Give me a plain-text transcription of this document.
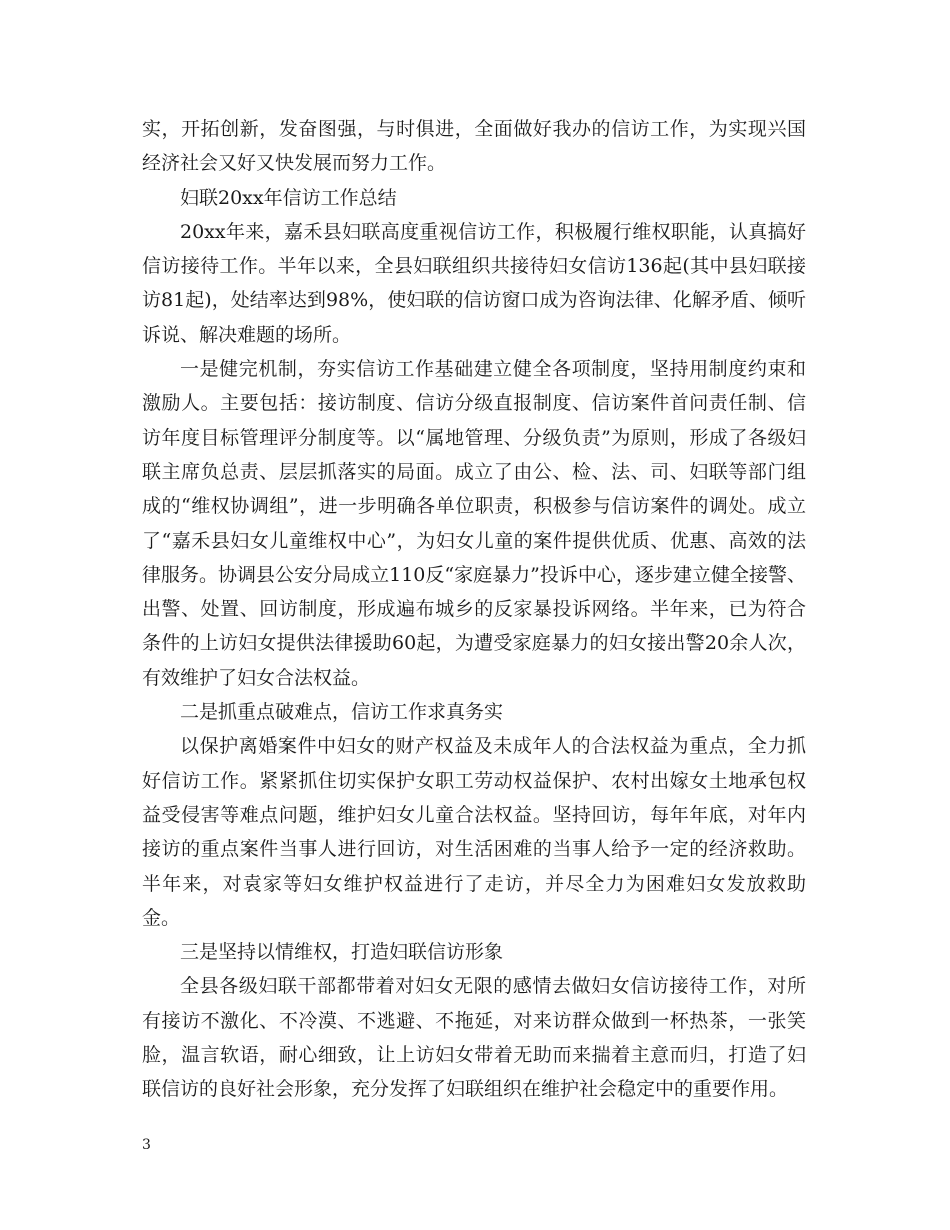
实，开拓创新，发奋图强，与时俱进，全面做好我办的信访工作，为实现兴国经济社会又好又快发展而努力工作。

妇联20xx年信访工作总结

20xx年来，嘉禾县妇联高度重视信访工作，积极履行维权职能，认真搞好信访接待工作。半年以来，全县妇联组织共接待妇女信访136起(其中县妇联接访81起)，处结率达到98%，使妇联的信访窗口成为咨询法律、化解矛盾、倾听诉说、解决难题的场所。

一是健完机制，夯实信访工作基础建立健全各项制度，坚持用制度约束和激励人。主要包括：接访制度、信访分级直报制度、信访案件首问责任制、信访年度目标管理评分制度等。以“属地管理、分级负责”为原则，形成了各级妇联主席负总责、层层抓落实的局面。成立了由公、检、法、司、妇联等部门组成的“维权协调组”，进一步明确各单位职责，积极参与信访案件的调处。成立了“嘉禾县妇女儿童维权中心”，为妇女儿童的案件提供优质、优惠、高效的法律服务。协调县公安分局成立110反“家庭暴力”投诉中心，逐步建立健全接警、出警、处置、回访制度，形成遍布城乡的反家暴投诉网络。半年来，已为符合条件的上访妇女提供法律援助60起，为遭受家庭暴力的妇女接出警20余人次，有效维护了妇女合法权益。

二是抓重点破难点，信访工作求真务实

以保护离婚案件中妇女的财产权益及未成年人的合法权益为重点，全力抓好信访工作。紧紧抓住切实保护女职工劳动权益保护、农村出嫁女土地承包权益受侵害等难点问题，维护妇女儿童合法权益。坚持回访，每年年底，对年内接访的重点案件当事人进行回访，对生活困难的当事人给予一定的经济救助。半年来，对袁家等妇女维护权益进行了走访，并尽全力为困难妇女发放救助金。

三是坚持以情维权，打造妇联信访形象

全县各级妇联干部都带着对妇女无限的感情去做妇女信访接待工作，对所有接访不激化、不冷漠、不逃避、不拖延，对来访群众做到一杯热茶，一张笑脸，温言软语，耐心细致，让上访妇女带着无助而来揣着主意而归，打造了妇联信访的良好社会形象，充分发挥了妇联组织在维护社会稳定中的重要作用。

3
